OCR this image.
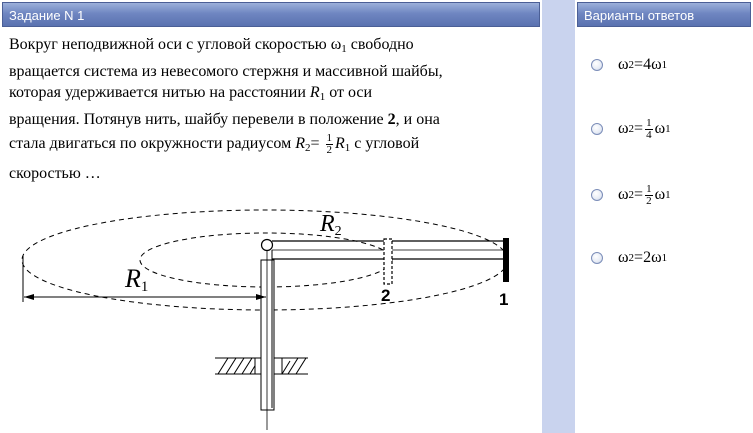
Задание N 1	Варианты ответов
Вокруг неподвижной оси с угловой скоростью $\omega_1$ свободно
вращается система из невесомого стержня и массивной шайбы,
которая удерживается нитью на расстоянии $R_1$ от оси
вращения. Потянув нить, шайбу перевели в положение 2, и она
стала двигаться по окружности радиусом $R_2= \frac{1}{2} R_1$ с угловой
скоростью …
R1
R2
2	1
ω 2 = 4 ω 1
ω $2 = \frac{1}{4}$ ω 1
ω $2 = \frac{1}{2}$ ω 1
ω 2 = 2 ω 1
